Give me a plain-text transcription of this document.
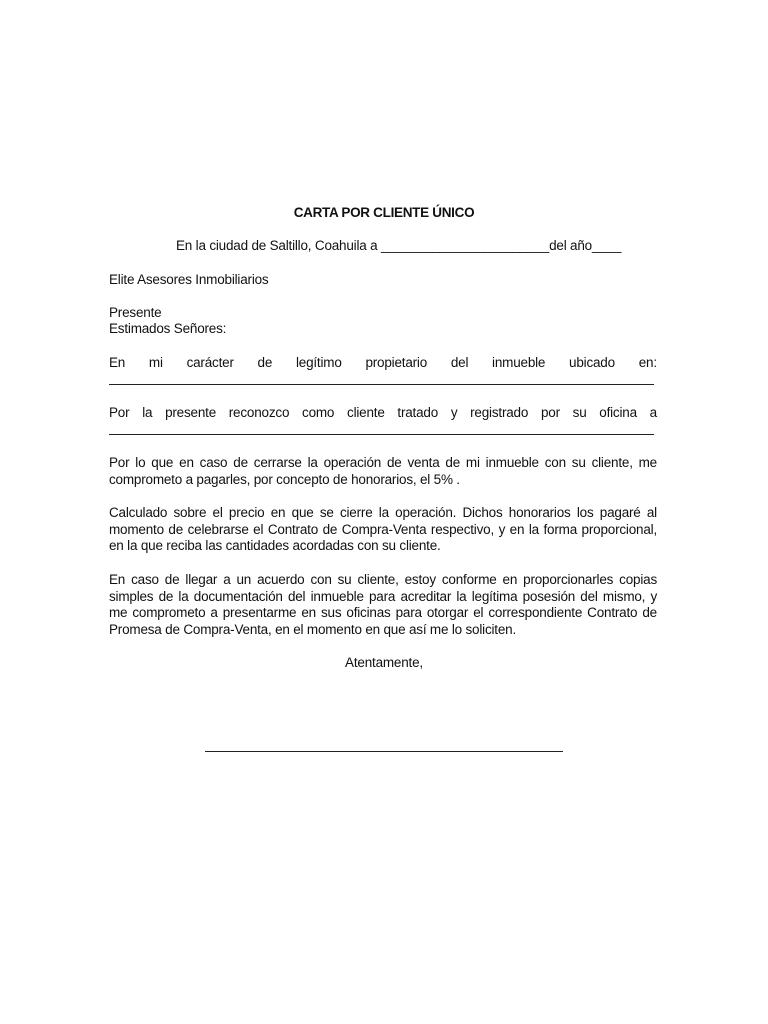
CARTA POR CLIENTE ÚNICO
En la ciudad de Saltillo, Coahuila a _______________________del año____
Elite Asesores Inmobiliarios
Presente
Estimados Señores:
En mi carácter de legítimo propietario del inmueble ubicado en:
Por la presente reconozco como cliente tratado y registrado por su oficina a
Por lo que en caso de cerrarse la operación de venta de mi inmueble con su cliente, me comprometo a pagarles, por concepto de honorarios, el 5% .
Calculado sobre el precio en que se cierre la operación. Dichos honorarios los pagaré al momento de celebrarse el Contrato de Compra-Venta respectivo, y en la forma proporcional, en la que reciba las cantidades acordadas con su cliente.
En caso de llegar a un acuerdo con su cliente, estoy conforme en proporcionarles copias simples de la documentación del inmueble para acreditar la legítima posesión del mismo, y me comprometo a presentarme en sus oficinas para otorgar el correspondiente Contrato de Promesa de Compra-Venta, en el momento en que así me lo soliciten.
Atentamente,
